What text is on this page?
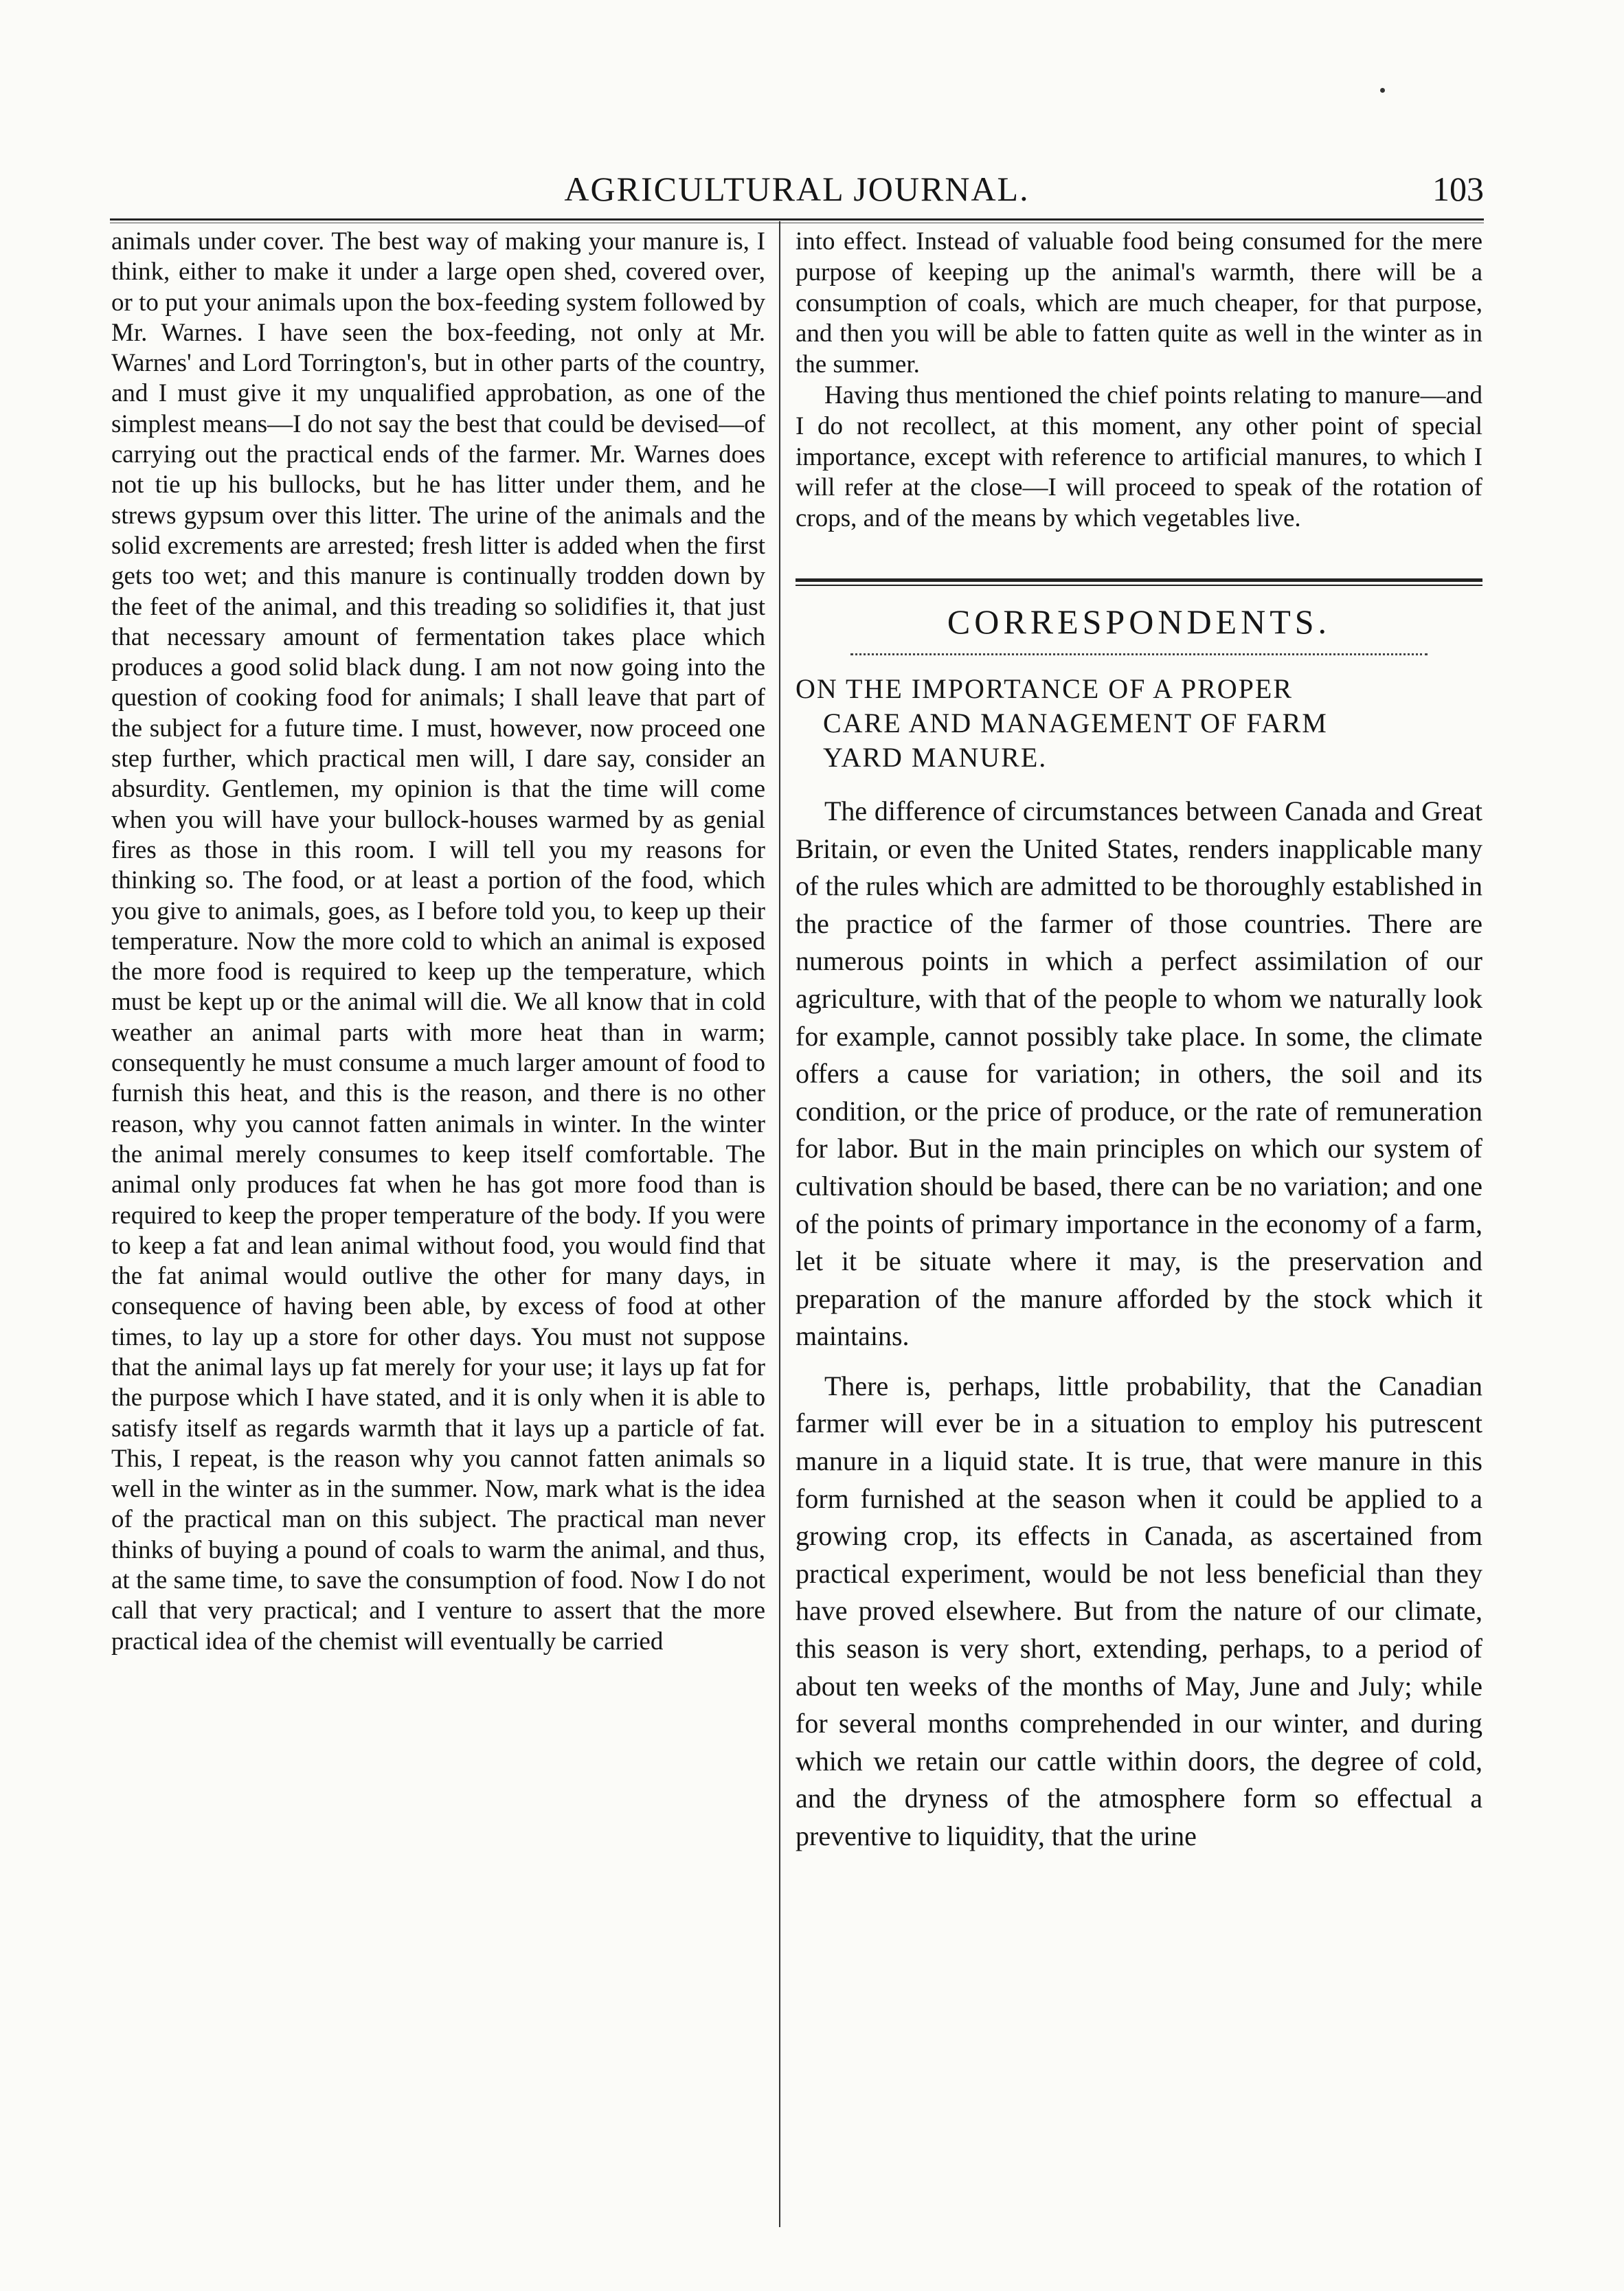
AGRICULTURAL JOURNAL.	103

animals under cover. The best way of making your manure is, I think, either to make it under a large open shed, covered over, or to put your animals upon the box-feeding system followed by Mr. Warnes. I have seen the box-feeding, not only at Mr. Warnes' and Lord Torrington's, but in other parts of the country, and I must give it my unqualified approbation, as one of the simplest means—I do not say the best that could be devised—of carrying out the practical ends of the farmer. Mr. Warnes does not tie up his bullocks, but he has litter under them, and he strews gypsum over this litter. The urine of the animals and the solid excrements are arrested; fresh litter is added when the first gets too wet; and this manure is continually trodden down by the feet of the animal, and this treading so solidifies it, that just that necessary amount of fermentation takes place which produces a good solid black dung. I am not now going into the question of cooking food for animals; I shall leave that part of the subject for a future time. I must, however, now proceed one step further, which practical men will, I dare say, consider an absurdity. Gentlemen, my opinion is that the time will come when you will have your bullock-houses warmed by as genial fires as those in this room. I will tell you my reasons for thinking so. The food, or at least a portion of the food, which you give to animals, goes, as I before told you, to keep up their temperature. Now the more cold to which an animal is exposed the more food is required to keep up the temperature, which must be kept up or the animal will die. We all know that in cold weather an animal parts with more heat than in warm; consequently he must consume a much larger amount of food to furnish this heat, and this is the reason, and there is no other reason, why you cannot fatten animals in winter. In the winter the animal merely consumes to keep itself comfortable. The animal only produces fat when he has got more food than is required to keep the proper temperature of the body. If you were to keep a fat and lean animal without food, you would find that the fat animal would outlive the other for many days, in consequence of having been able, by excess of food at other times, to lay up a store for other days. You must not suppose that the animal lays up fat merely for your use; it lays up fat for the purpose which I have stated, and it is only when it is able to satisfy itself as regards warmth that it lays up a particle of fat. This, I repeat, is the reason why you cannot fatten animals so well in the winter as in the summer. Now, mark what is the idea of the practical man on this subject. The practical man never thinks of buying a pound of coals to warm the animal, and thus, at the same time, to save the consumption of food. Now I do not call that very practical; and I venture to assert that the more practical idea of the chemist will eventually be carried

into effect. Instead of valuable food being consumed for the mere purpose of keeping up the animal's warmth, there will be a consumption of coals, which are much cheaper, for that purpose, and then you will be able to fatten quite as well in the winter as in the summer.

Having thus mentioned the chief points relating to manure—and I do not recollect, at this moment, any other point of special importance, except with reference to artificial manures, to which I will refer at the close—I will proceed to speak of the rotation of crops, and of the means by which vegetables live.

CORRESPONDENTS.
ON THE IMPORTANCE OF A PROPER
CARE AND MANAGEMENT OF FARM
YARD MANURE.

The difference of circumstances between Canada and Great Britain, or even the United States, renders inapplicable many of the rules which are admitted to be thoroughly established in the practice of the farmer of those countries. There are numerous points in which a perfect assimilation of our agriculture, with that of the people to whom we naturally look for example, cannot possibly take place. In some, the climate offers a cause for variation; in others, the soil and its condition, or the price of produce, or the rate of remuneration for labor. But in the main principles on which our system of cultivation should be based, there can be no variation; and one of the points of primary importance in the economy of a farm, let it be situate where it may, is the preservation and preparation of the manure afforded by the stock which it maintains.

There is, perhaps, little probability, that the Canadian farmer will ever be in a situation to employ his putrescent manure in a liquid state. It is true, that were manure in this form furnished at the season when it could be applied to a growing crop, its effects in Canada, as ascertained from practical experiment, would be not less beneficial than they have proved elsewhere. But from the nature of our climate, this season is very short, extending, perhaps, to a period of about ten weeks of the months of May, June and July; while for several months comprehended in our winter, and during which we retain our cattle within doors, the degree of cold, and the dryness of the atmosphere form so effectual a preventive to liquidity, that the urine
